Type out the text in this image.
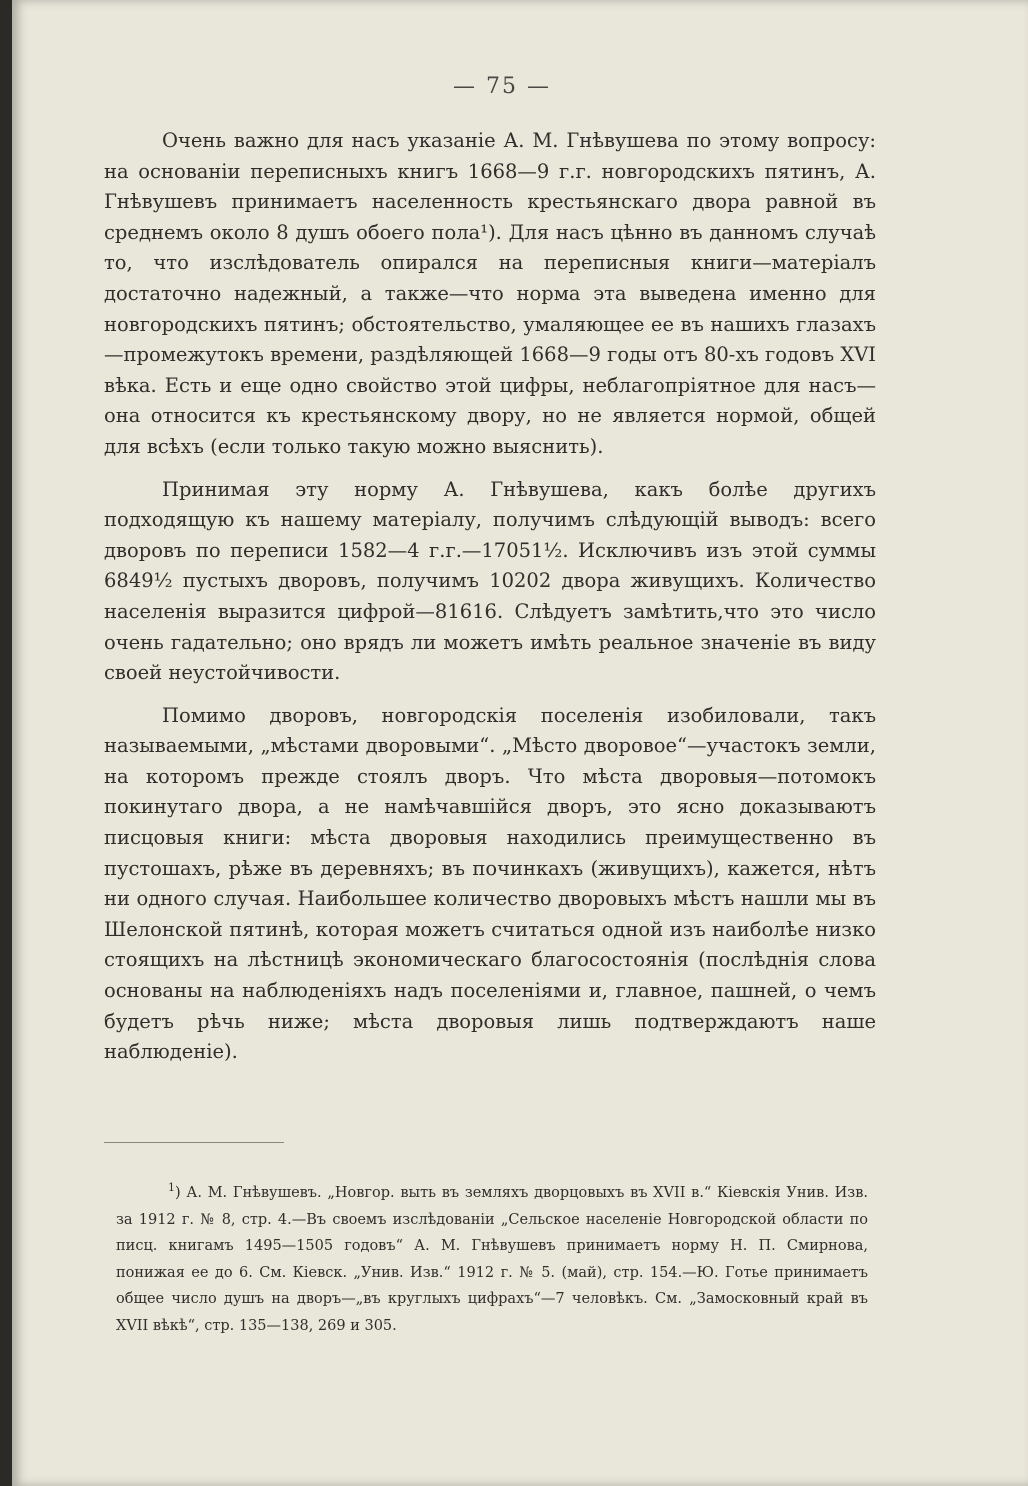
— 75 —

Очень важно для насъ указаніе А. М. Гнѣвушева по этому вопросу: на основаніи переписныхъ книгъ 1668—9 г.г. новгородскихъ пятинъ, А. Гнѣвушевъ принимаетъ населенность крестьянскаго двора равной въ среднемъ около 8 душъ обоего пола¹). Для насъ цѣнно въ данномъ случаѣ то, что изслѣдователь опирался на переписныя книги—матеріалъ достаточно надежный, а также—что норма эта выведена именно для новгородскихъ пятинъ; обстоятельство, умаляющее ее въ нашихъ глазахъ—промежутокъ времени, раздѣляющей 1668—9 годы отъ 80-хъ годовъ XVI вѣка. Есть и еще одно свойство этой цифры, неблагопріятное для насъ—она относится къ крестьянскому двору, но не является нормой, общей для всѣхъ (если только такую можно выяснить).

Принимая эту норму А. Гнѣвушева, какъ болѣе другихъ подходящую къ нашему матеріалу, получимъ слѣдующій выводъ: всего дворовъ по переписи 1582—4 г.г.—17051½. Исключивъ изъ этой суммы 6849½ пустыхъ дворовъ, получимъ 10202 двора живущихъ. Количество населенія выразится цифрой—81616. Слѣдуетъ замѣтить,что это число очень гадательно; оно врядъ ли можетъ имѣть реальное значеніе въ виду своей неустойчивости.

Помимо дворовъ, новгородскія поселенія изобиловали, такъ называемыми, „мѣстами дворовыми“. „Мѣсто дворовое“—участокъ земли, на которомъ прежде стоялъ дворъ. Что мѣста дворовыя—потомокъ покинутаго двора, а не намѣчавшійся дворъ, это ясно доказываютъ писцовыя книги: мѣста дворовыя находились преимущественно въ пустошахъ, рѣже въ деревняхъ; въ починкахъ (живущихъ), кажется, нѣтъ ни одного случая. Наибольшее количество дворовыхъ мѣстъ нашли мы въ Шелонской пятинѣ, которая можетъ считаться одной изъ наиболѣе низко стоящихъ на лѣстницѣ экономическаго благосостоянія (послѣднія слова основаны на наблюденіяхъ надъ поселеніями и, главное, пашней, о чемъ будетъ рѣчь ниже; мѣста дворовыя лишь подтверждаютъ наше наблюденіе).

$^1$) А. М. Гнѣвушевъ. „Новгор. выть въ земляхъ дворцовыхъ въ XVII в.“ Кіевскія Унив. Изв. за 1912 г. № 8, стр. 4.—Въ своемъ изслѣдованіи „Сельское населеніе Новгородской области по писц. книгамъ 1495—1505 годовъ“ А. М. Гнѣвушевъ принимаетъ норму Н. П. Смирнова, понижая ее до 6. См. Кіевск. „Унив. Изв.“ 1912 г. № 5. (май), стр. 154.—Ю. Готье принимаетъ общее число душъ на дворъ—„въ круглыхъ цифрахъ“—7 человѣкъ. См. „Замосковный край въ XVII вѣкѣ“, стр. 135—138, 269 и 305.
